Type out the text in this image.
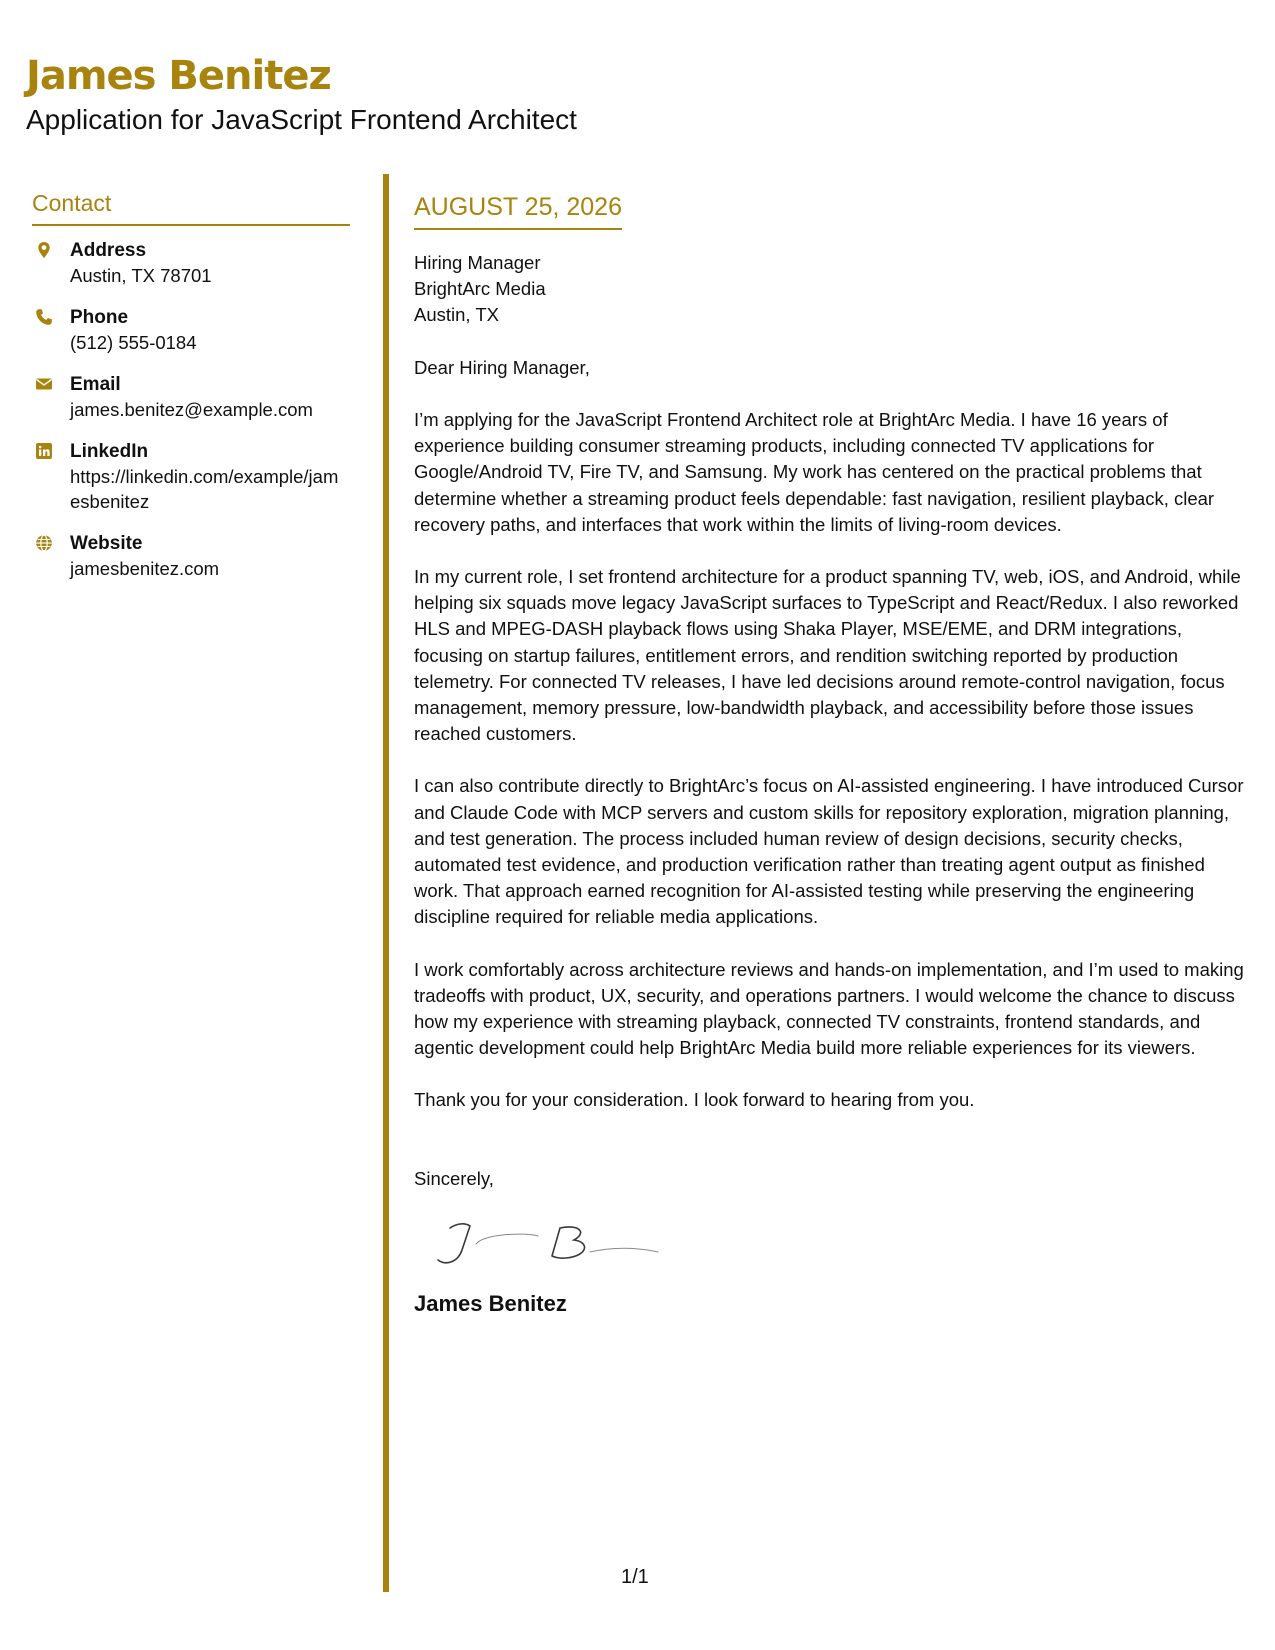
James Benitez
Application for JavaScript Frontend Architect
Contact
Address
Austin, TX 78701
Phone
(512) 555-0184
Email
james.benitez@example.com
LinkedIn
https://linkedin.com/example/jamesbenitez
Website
jamesbenitez.com
AUGUST 25, 2026
Hiring Manager
BrightArc Media
Austin, TX
Dear Hiring Manager,

I’m applying for the JavaScript Frontend Architect role at BrightArc Media. I have 16 years of experience building consumer streaming products, including connected TV applications for Google/Android TV, Fire TV, and Samsung. My work has centered on the practical problems that determine whether a streaming product feels dependable: fast navigation, resilient playback, clear recovery paths, and interfaces that work within the limits of living-room devices.

In my current role, I set frontend architecture for a product spanning TV, web, iOS, and Android, while helping six squads move legacy JavaScript surfaces to TypeScript and React/Redux. I also reworked HLS and MPEG-DASH playback flows using Shaka Player, MSE/EME, and DRM integrations, focusing on startup failures, entitlement errors, and rendition switching reported by production telemetry. For connected TV releases, I have led decisions around remote-control navigation, focus management, memory pressure, low-bandwidth playback, and accessibility before those issues reached customers.

I can also contribute directly to BrightArc’s focus on AI-assisted engineering. I have introduced Cursor and Claude Code with MCP servers and custom skills for repository exploration, migration planning, and test generation. The process included human review of design decisions, security checks, automated test evidence, and production verification rather than treating agent output as finished work. That approach earned recognition for AI-assisted testing while preserving the engineering discipline required for reliable media applications.

I work comfortably across architecture reviews and hands-on implementation, and I’m used to making tradeoffs with product, UX, security, and operations partners. I would welcome the chance to discuss how my experience with streaming playback, connected TV constraints, frontend standards, and agentic development could help BrightArc Media build more reliable experiences for its viewers.

Thank you for your consideration. I look forward to hearing from you.

Sincerely,
James Benitez
1/1
